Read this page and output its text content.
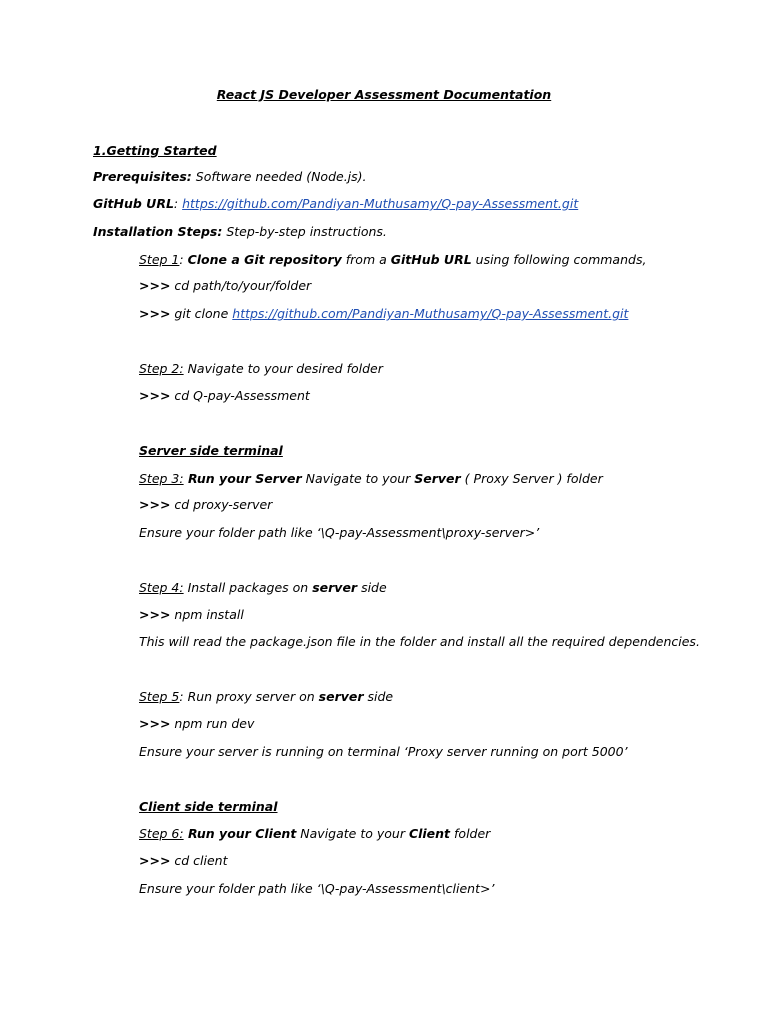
React JS Developer Assessment Documentation
1.Getting Started
Prerequisites: Software needed (Node.js).
GitHub URL: https://github.com/Pandiyan-Muthusamy/Q-pay-Assessment.git
Installation Steps: Step-by-step instructions.
Step 1: Clone a Git repository from a GitHub URL using following commands,
>>> cd path/to/your/folder
>>> git clone https://github.com/Pandiyan-Muthusamy/Q-pay-Assessment.git
Step 2: Navigate to your desired folder
>>> cd Q-pay-Assessment
Server side terminal
Step 3: Run your Server Navigate to your Server ( Proxy Server ) folder
>>> cd proxy-server
Ensure your folder path like ‘\Q-pay-Assessment\proxy-server>’
Step 4: Install packages on server side
>>> npm install
This will read the package.json file in the folder and install all the required dependencies.
Step 5: Run proxy server on server side
>>> npm run dev
Ensure your server is running on terminal ‘Proxy server running on port 5000’
Client side terminal
Step 6: Run your Client Navigate to your Client folder
>>> cd client
Ensure your folder path like ‘\Q-pay-Assessment\client>’
